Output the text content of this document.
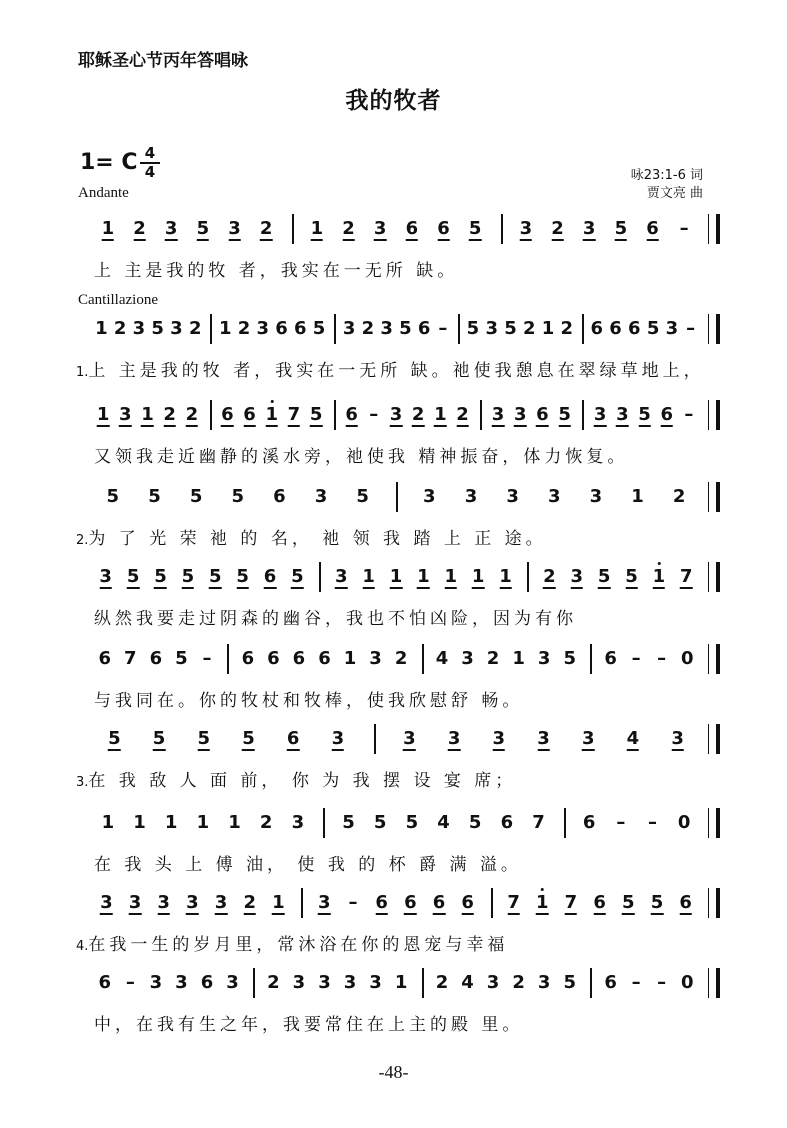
耶稣圣心节丙年答唱咏
我的牧者
1= C 4
4
Andante
咏23:1-6 词
贾文亮 曲
Cantillazione
1 2 3 5 3 2 1 2 3 6 6 5 3 2 3 5 6 –
上 主是我的牧 者，我实在一无所 缺。
1 2 3 5 3 2 1 2 3 6 6 5 3 2 3 5 6 – 5 3 5 2 1 2 6 6 6 5 3 –
1.上 主是我的牧 者，我实在一无所 缺。祂使我憩息在翠绿草地上，
1 3 1 2 2 6 6 1 7 5 6 – 3 2 1 2 3 3 6 5 3 3 5 6 –
又领我走近幽静的溪水旁，祂使我 精神振奋，体力恢复。
5 5 5 5 6 3 5	3 3 3 3 3 1 2
2.为 了 光 荣 祂 的 名， 祂 领 我 踏 上 正 途。
3 5 5 5 5 5 6 5 3 1 1 1 1 1 1 2 3 5 5 1 7
纵然我要走过阴森的幽谷，我也不怕凶险，因为有你
6 7 6 5 – 6 6 6 6 1 3 2 4 3 2 1 3 5 6 – – 0
与我同在。你的牧杖和牧棒，使我欣慰舒 畅。
5 5 5 5 6 3	3 3 3 3 3 4 3
3.在 我 敌 人 面 前， 你 为 我 摆 设 宴 席；
1 1 1 1 1 2 3 5 5 5 4 5 6 7 6 – – 0
在 我 头 上 傅 油， 使 我 的 杯 爵 满 溢。
3 3 3 3 3 2 1 3 – 6 6 6 6 7 1 7 6 5 5 6
4.在我一生的岁月里，常沐浴在你的恩宠与幸福
6 – 3 3 6 3 2 3 3 3 3 1 2 4 3 2 3 5 6 – – 0
中，在我有生之年，我要常住在上主的殿 里。
-48-
